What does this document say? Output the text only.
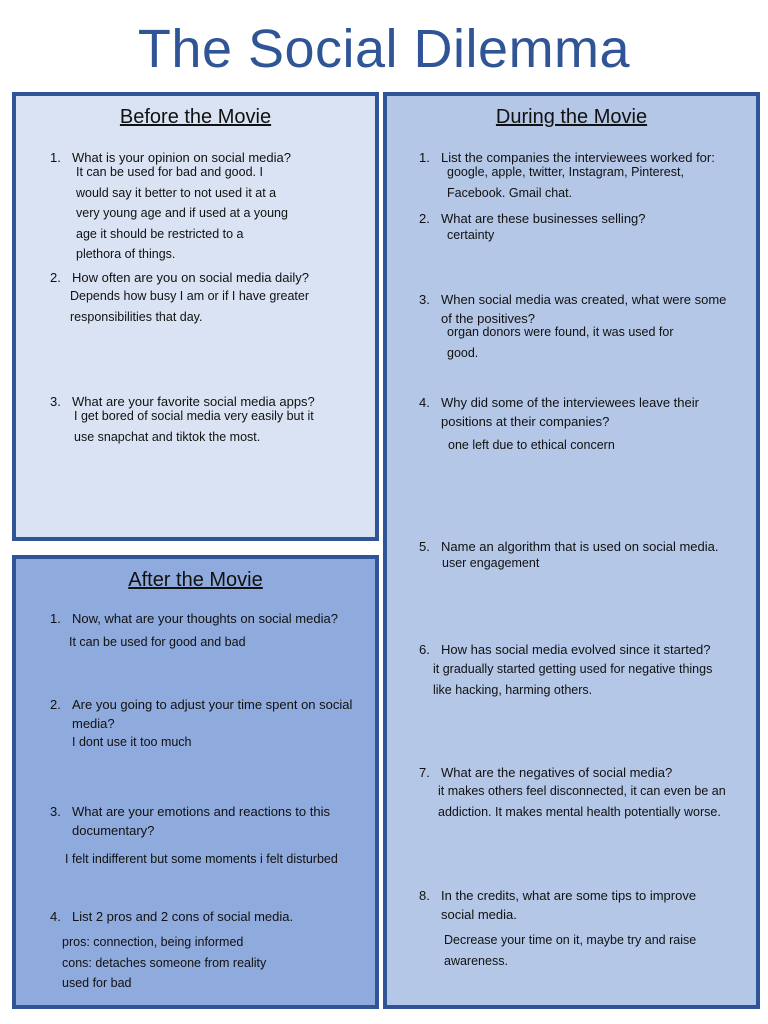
The Social Dilemma
Before the Movie
1. What is your opinion on social media?
It can be used for bad and good. I
would say it better to not used it at a
very young age and if used at a young
age it should be restricted to a
plethora of things.
2. How often are you on social media daily?
Depends how busy I am or if I have greater
responsibilities that day.
3. What are your favorite social media apps?
I get bored of social media very easily but it
use snapchat and tiktok the most.
During the Movie
1. List the companies the interviewees worked for:
google, apple, twitter, Instagram, Pinterest,
Facebook. Gmail chat.
2. What are these businesses selling?
certainty
3. When social media was created, what were some
of the positives?
organ donors were found, it was used for
good.
4. Why did some of the interviewees leave their
positions at their companies?
one left due to ethical concern
5. Name an algorithm that is used on social media.
user engagement
6. How has social media evolved since it started?
it gradually started getting used for negative things
like hacking, harming others.
7. What are the negatives of social media?
it makes others feel disconnected, it can even be an
addiction. It makes mental health potentially worse.
8. In the credits, what are some tips to improve
social media.
Decrease your time on it, maybe try and raise
awareness.
After the Movie
1. Now, what are your thoughts on social media?
It can be used for good and bad
2. Are you going to adjust your time spent on social
media?
I dont use it too much
3. What are your emotions and reactions to this
documentary?
I felt indifferent but some moments i felt disturbed
4. List 2 pros and 2 cons of social media.
pros: connection, being informed
cons: detaches someone from reality
used for bad
